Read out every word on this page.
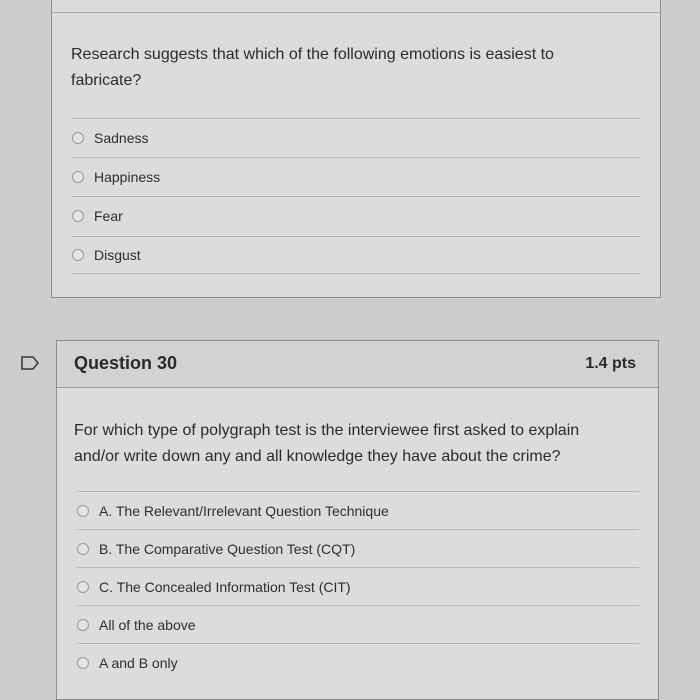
Research suggests that which of the following emotions is easiest to fabricate?
Sadness
Happiness
Fear
Disgust
Question 30	1.4 pts
For which type of polygraph test is the interviewee first asked to explain and/or write down any and all knowledge they have about the crime?
A. The Relevant/Irrelevant Question Technique
B. The Comparative Question Test (CQT)
C. The Concealed Information Test (CIT)
All of the above
A and B only
